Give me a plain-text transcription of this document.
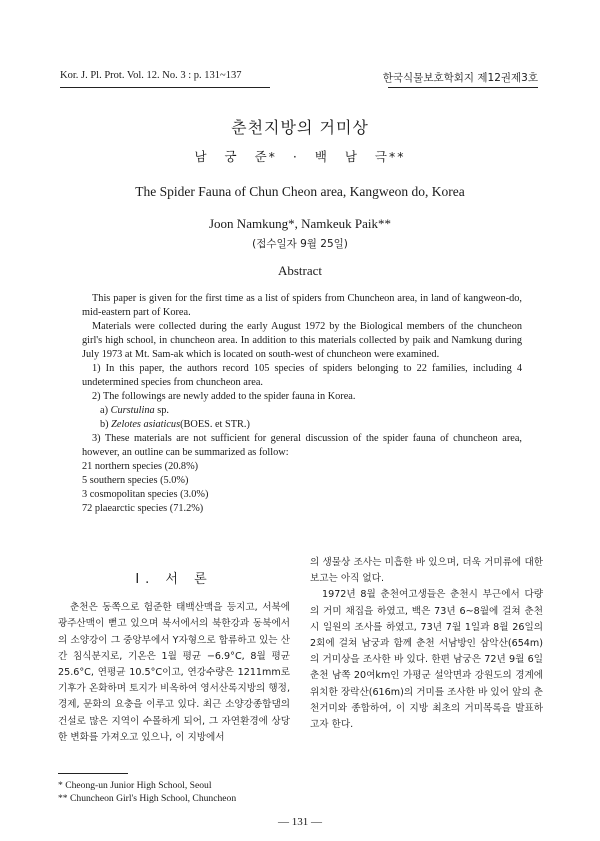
Kor. J. Pl. Prot. Vol. 12. No. 3 : p. 131~137	한국식물보호학회지 제12권제3호
춘천지방의 거미상
남 궁 준* · 백 남 극**
The Spider Fauna of Chun Cheon area, Kangweon do, Korea
Joon Namkung*, Namkeuk Paik**
(접수일자 9월 25일)
Abstract

This paper is given for the first time as a list of spiders from Chuncheon area, in land of kangweon-do, mid-eastern part of Korea.

Materials were collected during the early August 1972 by the Biological members of the chuncheon girl's high school, in chuncheon area. In addition to this materials collected by paik and Namkung during July 1973 at Mt. Sam-ak which is located on south-west of chuncheon were examined.

1) In this paper, the authors record 105 species of spiders belonging to 22 families, including 4 undetermined species from chuncheon area.

2) The followings are newly added to the spider fauna in Korea.

a) Curstulina sp.

b) Zelotes asiaticus(BOES. et STR.)

3) These materials are not sufficient for general discussion of the spider fauna of chuncheon area, however, an outline can be summarized as follow:

21 northern species (20.8%)
5 southern species (5.0%)
3 cosmopolitan species (3.0%)
72 plaearctic species (71.2%)
I. 서 론

춘천은 동쪽으로 험준한 태백산맥을 등지고, 서북에 광주산맥이 뻗고 있으며 북서에서의 북한강과 동북에서의 소양강이 그 중앙부에서 Y자형으로 합류하고 있는 산간 침식분지로, 기온은 1월 평균 −6.9°C, 8월 평균 25.6°C, 연평균 10.5°C이고, 연강수량은 1211mm로 기후가 온화하며 토지가 비옥하여 영서산록지방의 행정, 경제, 문화의 요충을 이루고 있다. 최근 소양강종합댐의 건설로 많은 지역이 수몰하게 되어, 그 자연환경에 상당한 변화를 가져오고 있으나, 이 지방에서

의 생물상 조사는 미흡한 바 있으며, 더욱 거미류에 대한 보고는 아직 없다.

1972년 8월 춘천여고생들은 춘천시 부근에서 다량의 거미 채집을 하였고, 백은 73년 6~8월에 걸쳐 춘천시 일원의 조사를 하였고, 73년 7월 1일과 8월 26일의 2회에 걸쳐 남궁과 함께 춘천 서남방인 삼악산(654m)의 거미상을 조사한 바 있다. 한편 남궁은 72년 9월 6일 춘천 남쪽 20여km인 가평군 설악면과 강원도의 경계에 위치한 장락산(616m)의 거미를 조사한 바 있어 앞의 춘천거미와 종합하여, 이 지방 최초의 거미목록을 발표하고자 한다.

* Cheong-un Junior High School, Seoul
** Chuncheon Girl's High School, Chuncheon
— 131 —
